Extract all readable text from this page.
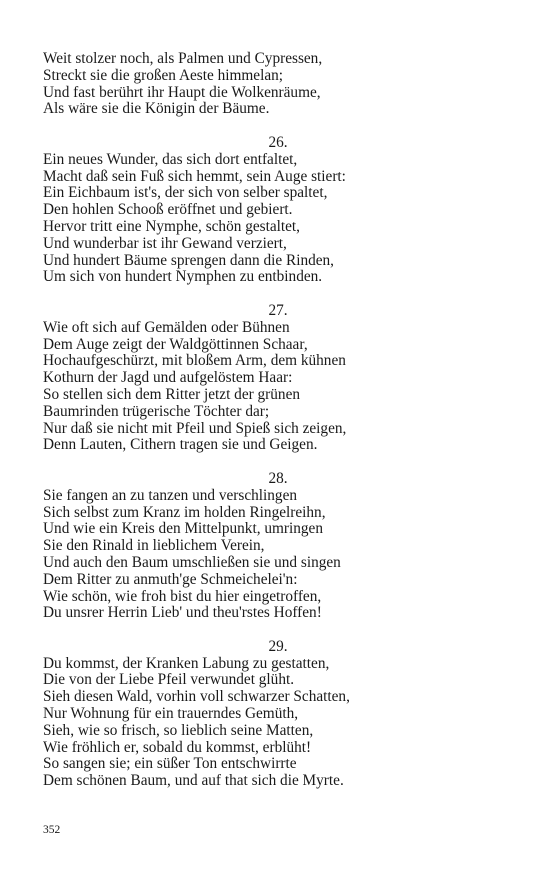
Weit stolzer noch, als Palmen und Cypressen,
Streckt sie die großen Aeste himmelan;
Und fast berührt ihr Haupt die Wolkenräume,
Als wäre sie die Königin der Bäume.
26.
Ein neues Wunder, das sich dort entfaltet,
Macht daß sein Fuß sich hemmt, sein Auge stiert:
Ein Eichbaum ist's, der sich von selber spaltet,
Den hohlen Schooß eröffnet und gebiert.
Hervor tritt eine Nymphe, schön gestaltet,
Und wunderbar ist ihr Gewand verziert,
Und hundert Bäume sprengen dann die Rinden,
Um sich von hundert Nymphen zu entbinden.
27.
Wie oft sich auf Gemälden oder Bühnen
Dem Auge zeigt der Waldgöttinnen Schaar,
Hochaufgeschürzt, mit bloßem Arm, dem kühnen
Kothurn der Jagd und aufgelöstem Haar:
So stellen sich dem Ritter jetzt der grünen
Baumrinden trügerische Töchter dar;
Nur daß sie nicht mit Pfeil und Spieß sich zeigen,
Denn Lauten, Cithern tragen sie und Geigen.
28.
Sie fangen an zu tanzen und verschlingen
Sich selbst zum Kranz im holden Ringelreihn,
Und wie ein Kreis den Mittelpunkt, umringen
Sie den Rinald in lieblichem Verein,
Und auch den Baum umschließen sie und singen
Dem Ritter zu anmuth'ge Schmeichelei'n:
Wie schön, wie froh bist du hier eingetroffen,
Du unsrer Herrin Lieb' und theu'rstes Hoffen!
29.
Du kommst, der Kranken Labung zu gestatten,
Die von der Liebe Pfeil verwundet glüht.
Sieh diesen Wald, vorhin voll schwarzer Schatten,
Nur Wohnung für ein trauerndes Gemüth,
Sieh, wie so frisch, so lieblich seine Matten,
Wie fröhlich er, sobald du kommst, erblüht!
So sangen sie; ein süßer Ton entschwirrte
Dem schönen Baum, und auf that sich die Myrte.
352
